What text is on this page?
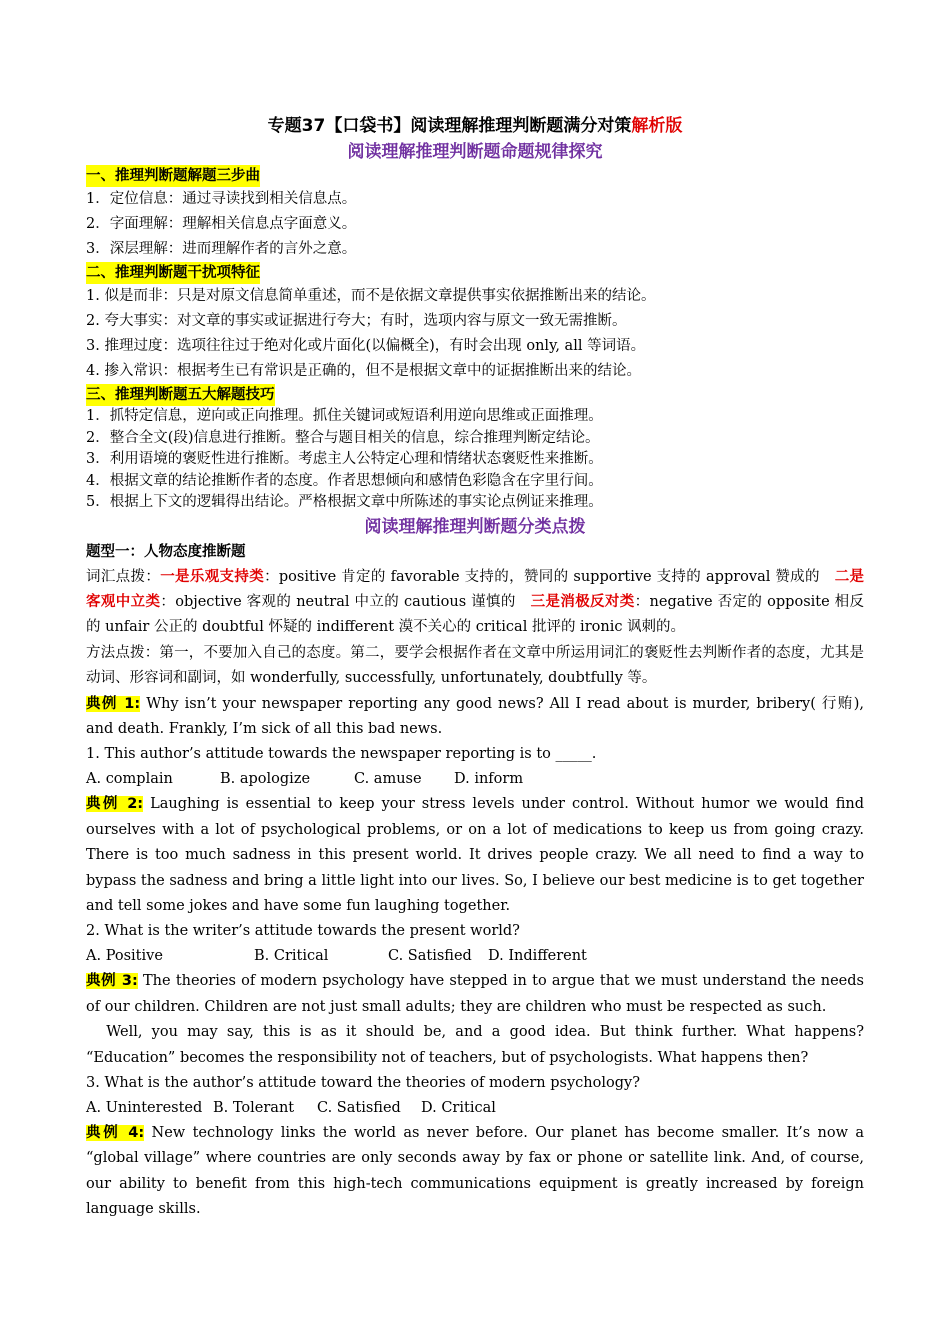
专题37【口袋书】阅读理解推理判断题满分对策解析版
阅读理解推理判断题命题规律探究
一、推理判断题解题三步曲
1．定位信息：通过寻读找到相关信息点。
2．字面理解：理解相关信息点字面意义。
3．深层理解：进而理解作者的言外之意。
二、推理判断题干扰项特征
1. 似是而非：只是对原文信息简单重述，而不是依据文章提供事实依据推断出来的结论。
2. 夸大事实：对文章的事实或证据进行夸大；有时，选项内容与原文一致无需推断。
3. 推理过度：选项往往过于绝对化或片面化(以偏概全)，有时会出现 only, all 等词语。
4. 掺入常识：根据考生已有常识是正确的，但不是根据文章中的证据推断出来的结论。
三、推理判断题五大解题技巧
1．抓特定信息，逆向或正向推理。抓住关键词或短语利用逆向思维或正面推理。
2．整合全文(段)信息进行推断。整合与题目相关的信息，综合推理判断定结论。
3．利用语境的褒贬性进行推断。考虑主人公特定心理和情绪状态褒贬性来推断。
4．根据文章的结论推断作者的态度。作者思想倾向和感情色彩隐含在字里行间。
5．根据上下文的逻辑得出结论。严格根据文章中所陈述的事实论点例证来推理。
阅读理解推理判断题分类点拨
题型一：人物态度推断题
词汇点拨：一是乐观支持类：positive 肯定的 favorable 支持的，赞同的 supportive 支持的 approval 赞成的　二是客观中立类：objective 客观的 neutral 中立的 cautious 谨慎的　三是消极反对类：negative 否定的 opposite 相反的 unfair 公正的 doubtful 怀疑的 indifferent 漠不关心的 critical 批评的 ironic 讽刺的。
方法点拨：第一，不要加入自己的态度。第二，要学会根据作者在文章中所运用词汇的褒贬性去判断作者的态度，尤其是动词、形容词和副词，如 wonderfully, successfully, unfortunately, doubtfully 等。
典例 1: Why isn’t your newspaper reporting any good news? All I read about is murder, bribery( 行贿), and death. Frankly, I’m sick of all this bad news.
1. This author’s attitude towards the newspaper reporting is to _____.
A. complain	B. apologize	C. amuse D. inform
典例 2: Laughing is essential to keep your stress levels under control. Without humor we would find ourselves with a lot of psychological problems, or on a lot of medications to keep us from going crazy. There is too much sadness in this present world. It drives people crazy. We all need to find a way to bypass the sadness and bring a little light into our lives. So, I believe our best medicine is to get together and tell some jokes and have some fun laughing together.
2. What is the writer’s attitude towards the present world?
A. Positive	B. Critical	C. Satisfied D. Indifferent
典例 3: The theories of modern psychology have stepped in to argue that we must understand the needs of our children. Children are not just small adults; they are children who must be respected as such.
Well, you may say, this is as it should be, and a good idea. But think further. What happens? “Education” becomes the responsibility not of teachers, but of psychologists. What happens then?
3. What is the author’s attitude toward the theories of modern psychology?
A. Uninterested B. Tolerant C. Satisfied D. Critical
典例 4: New technology links the world as never before. Our planet has become smaller. It’s now a “global village” where countries are only seconds away by fax or phone or satellite link. And, of course, our ability to benefit from this high-tech communications equipment is greatly increased by foreign language skills.
